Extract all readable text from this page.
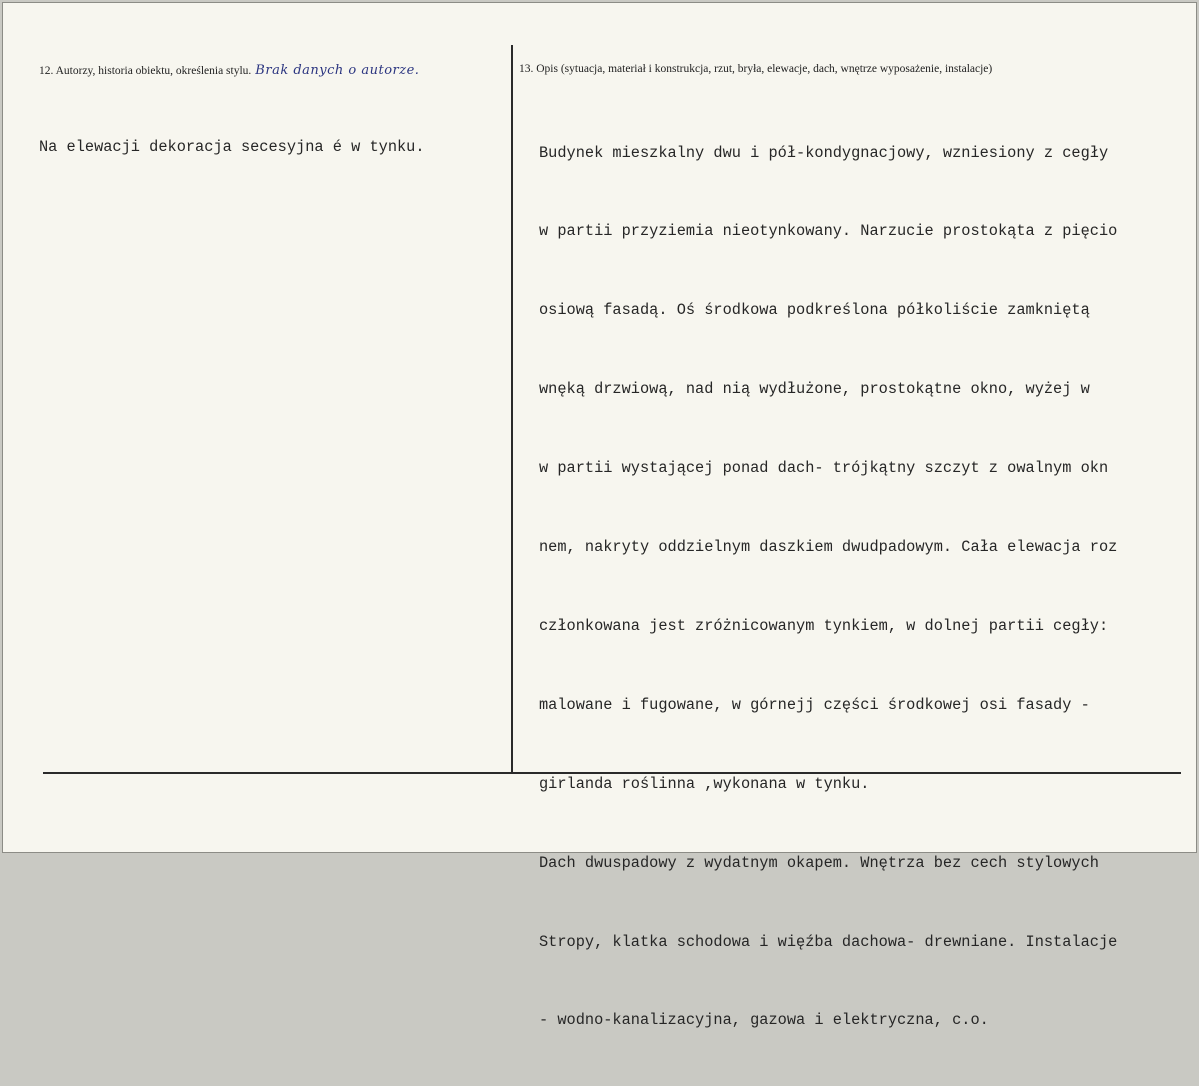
12. Autorzy, historia obiektu, określenia stylu. Brak danych o autorze.

Na elewacji dekoracja secesyjna é w tynku.

13. Opis (sytuacja, materiał i konstrukcja, rzut, bryła, elewacje, dach, wnętrze wyposażenie, instalacje)

Budynek mieszkalny dwu i pół-kondygnacjowy, wzniesiony z cegły

w partii przyziemia nieotynkowany. Narzucie prostokąta z pięcio

osiową fasadą. Oś środkowa podkreślona półkoliście zamkniętą

wnęką drzwiową, nad nią wydłużone, prostokątne okno, wyżej w

w partii wystającej ponad dach- trójkątny szczyt z owalnym okn

nem, nakryty oddzielnym daszkiem dwudpadowym. Cała elewacja roz

członkowana jest zróżnicowanym tynkiem, w dolnej partii cegły:

malowane i fugowane, w górnejj części środkowej osi fasady -

girlanda roślinna ,wykonana w tynku.

Dach dwuspadowy z wydatnym okapem. Wnętrza bez cech stylowych

Stropy, klatka schodowa i więźba dachowa- drewniane. Instalacje

- wodno-kanalizacyjna, gazowa i elektryczna, c.o.
